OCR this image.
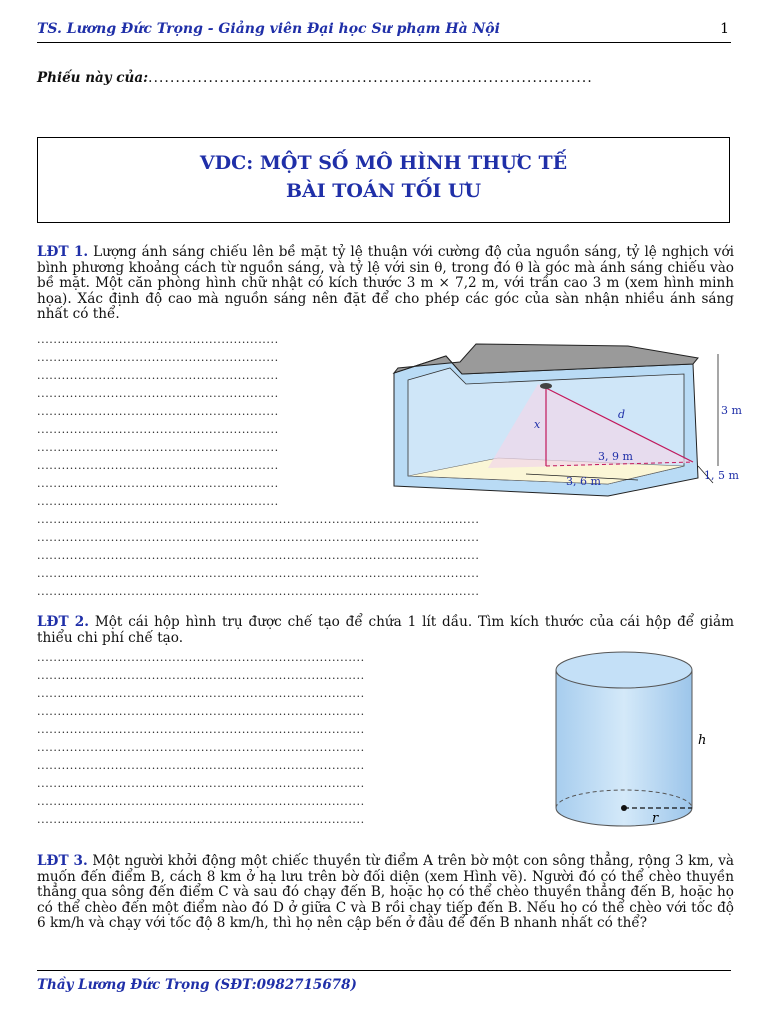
TS. Lương Đức Trọng - Giảng viên Đại học Sư phạm Hà Nội	1
Phiếu này của:.................................................................................
VDC: MỘT SỐ MÔ HÌNH THỰC TẾ
BÀI TOÁN TỐI ƯU
LĐT 1. Lượng ánh sáng chiếu lên bề mặt tỷ lệ thuận với cường độ của nguồn sáng, tỷ lệ nghịch với bình phương khoảng cách từ nguồn sáng, và tỷ lệ với sin θ, trong đó θ là góc mà ánh sáng chiếu vào bề mặt. Một căn phòng hình chữ nhật có kích thước 3 m × 7,2 m, với trần cao 3 m (xem hình minh họa). Xác định độ cao mà nguồn sáng nên đặt để cho phép các góc của sàn nhận nhiều ánh sáng nhất có thể.
...........................................................
...........................................................
...........................................................
...........................................................
...........................................................
...........................................................
...........................................................
...........................................................
...........................................................
...........................................................
x
d	3 m
1, 5 m
3, 9 m
3, 6 m
............................................................................................................
............................................................................................................
............................................................................................................
............................................................................................................
............................................................................................................
LĐT 2. Một cái hộp hình trụ được chế tạo để chứa 1 lít dầu. Tìm kích thước của cái hộp để giảm thiểu chi phí chế tạo.
................................................................................
................................................................................
................................................................................
................................................................................
................................................................................
................................................................................
................................................................................
................................................................................
................................................................................
................................................................................
h
r
LĐT 3. Một người khởi động một chiếc thuyền từ điểm A trên bờ một con sông thẳng, rộng 3 km, và muốn đến điểm B, cách 8 km ở hạ lưu trên bờ đối diện (xem Hình vẽ). Người đó có thể chèo thuyền thẳng qua sông đến điểm C và sau đó chạy đến B, hoặc họ có thể chèo thuyền thẳng đến B, hoặc họ có thể chèo đến một điểm nào đó D ở giữa C và B rồi chạy tiếp đến B. Nếu họ có thể chèo với tốc độ 6 km/h và chạy với tốc độ 8 km/h, thì họ nên cập bến ở đâu để đến B nhanh nhất có thể?
Thầy Lương Đức Trọng (SĐT:0982715678)
